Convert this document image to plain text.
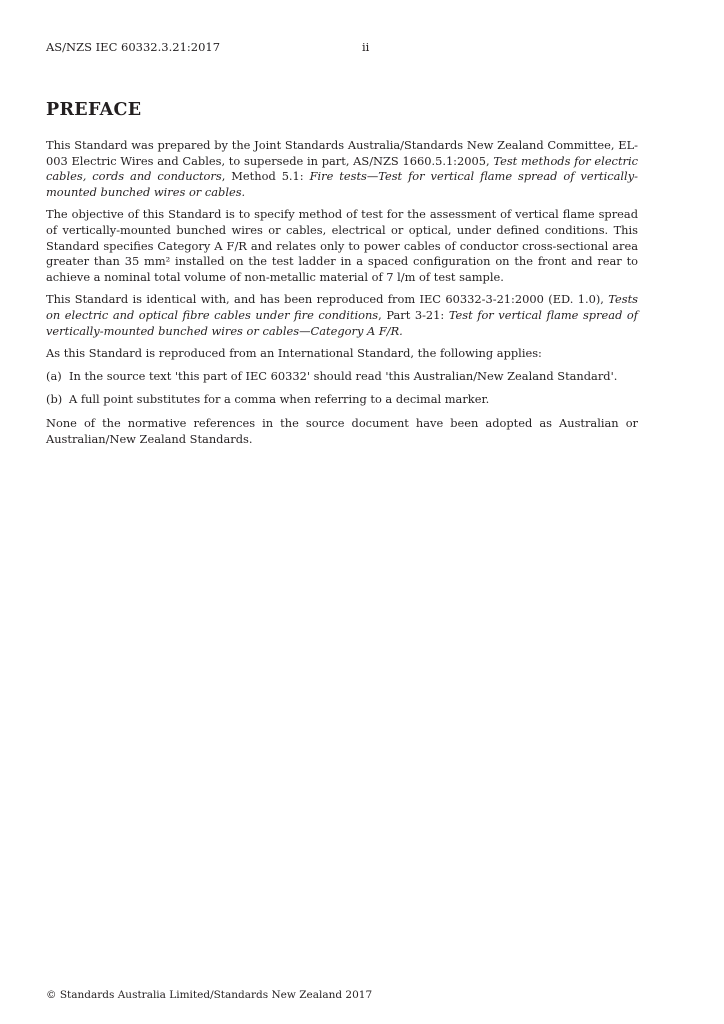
AS/NZS IEC 60332.3.21:2017	ii
PREFACE

This Standard was prepared by the Joint Standards Australia/Standards New Zealand Committee, EL-003 Electric Wires and Cables, to supersede in part, AS/NZS 1660.5.1:2005, Test methods for electric cables, cords and conductors, Method 5.1: Fire tests—Test for vertical flame spread of vertically-mounted bunched wires or cables.

The objective of this Standard is to specify method of test for the assessment of vertical flame spread of vertically-mounted bunched wires or cables, electrical or optical, under defined conditions. This Standard specifies Category A F/R and relates only to power cables of conductor cross-sectional area greater than 35 mm² installed on the test ladder in a spaced configuration on the front and rear to achieve a nominal total volume of non-metallic material of 7 l/m of test sample.

This Standard is identical with, and has been reproduced from IEC 60332-3-21:2000 (ED. 1.0), Tests on electric and optical fibre cables under fire conditions, Part 3-21: Test for vertical flame spread of vertically-mounted bunched wires or cables—Category A F/R.

As this Standard is reproduced from an International Standard, the following applies:

(a) In the source text 'this part of IEC 60332' should read 'this Australian/New Zealand Standard'.
(b) A full point substitutes for a comma when referring to a decimal marker.

None of the normative references in the source document have been adopted as Australian or Australian/New Zealand Standards.

© Standards Australia Limited/Standards New Zealand 2017
